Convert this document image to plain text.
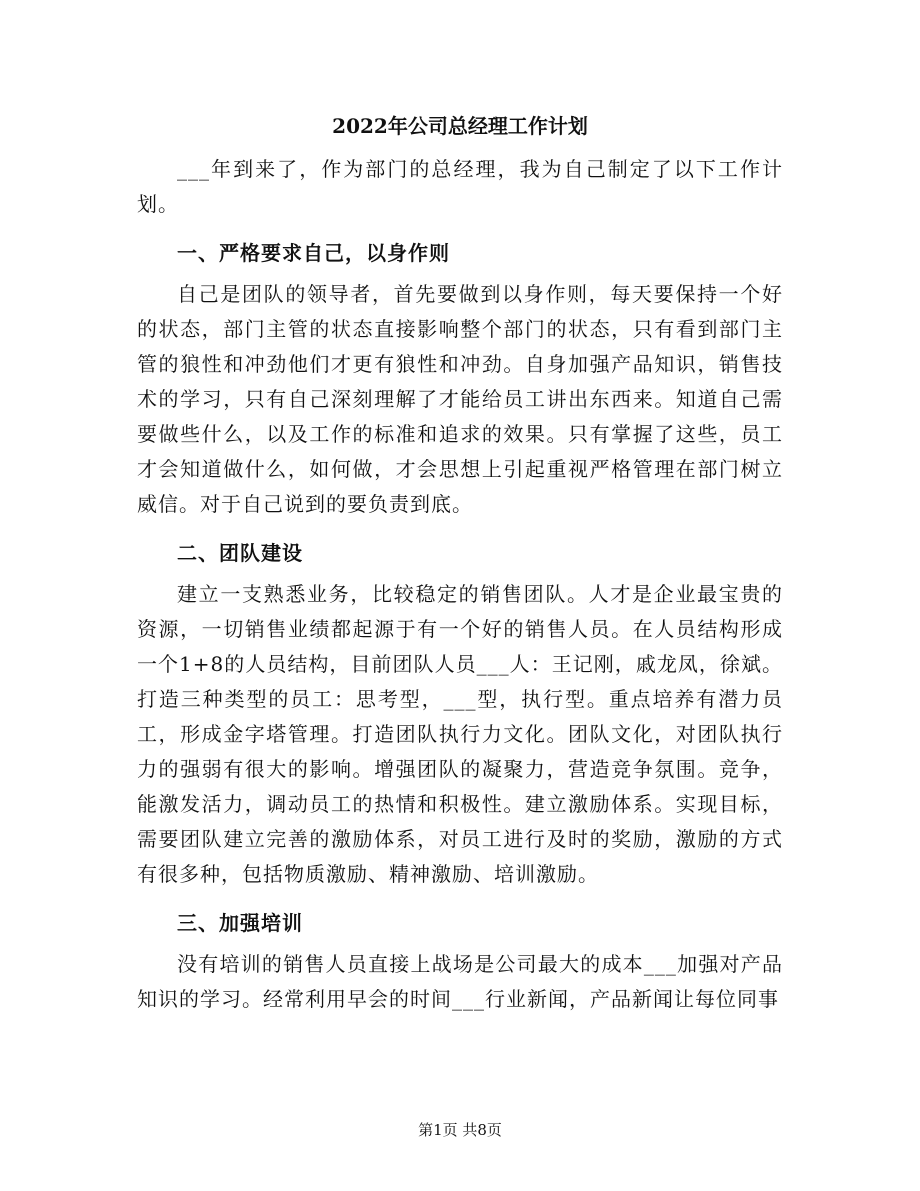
2022年公司总经理工作计划

___年到来了，作为部门的总经理，我为自己制定了以下工作计划。

一、严格要求自己，以身作则

自己是团队的领导者，首先要做到以身作则，每天要保持一个好的状态，部门主管的状态直接影响整个部门的状态，只有看到部门主管的狼性和冲劲他们才更有狼性和冲劲。自身加强产品知识，销售技术的学习，只有自己深刻理解了才能给员工讲出东西来。知道自己需要做些什么，以及工作的标准和追求的效果。只有掌握了这些，员工才会知道做什么，如何做，才会思想上引起重视严格管理在部门树立威信。对于自己说到的要负责到底。

二、团队建设

建立一支熟悉业务，比较稳定的销售团队。人才是企业最宝贵的资源，一切销售业绩都起源于有一个好的销售人员。在人员结构形成一个1+8的人员结构，目前团队人员___人：王记刚，戚龙凤，徐斌。打造三种类型的员工：思考型，___型，执行型。重点培养有潜力员工，形成金字塔管理。打造团队执行力文化。团队文化，对团队执行力的强弱有很大的影响。增强团队的凝聚力，营造竞争氛围。竞争，能激发活力，调动员工的热情和积极性。建立激励体系。实现目标，需要团队建立完善的激励体系，对员工进行及时的奖励，激励的方式有很多种，包括物质激励、精神激励、培训激励。

三、加强培训

没有培训的销售人员直接上战场是公司最大的成本___加强对产品知识的学习。经常利用早会的时间___行业新闻，产品新闻让每位同事

第1页 共8页
